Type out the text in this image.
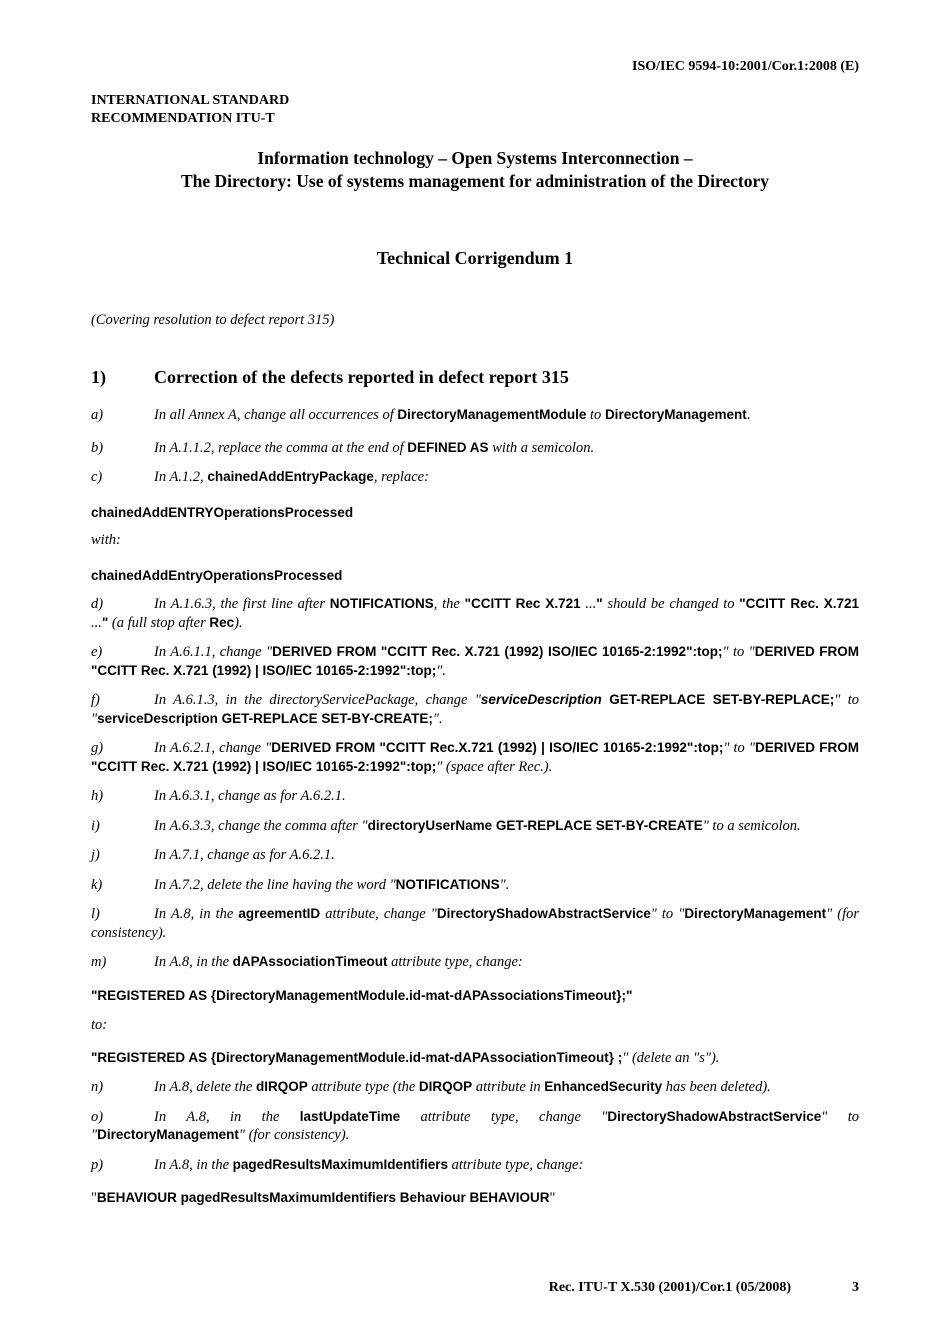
ISO/IEC 9594-10:2001/Cor.1:2008 (E)
INTERNATIONAL STANDARD
RECOMMENDATION ITU-T
Information technology – Open Systems Interconnection –
The Directory: Use of systems management for administration of the Directory
Technical Corrigendum 1
(Covering resolution to defect report 315)
1)	Correction of the defects reported in defect report 315
a)	In all Annex A, change all occurrences of DirectoryManagementModule to DirectoryManagement.
b)	In A.1.1.2, replace the comma at the end of DEFINED AS with a semicolon.
c)	In A.1.2, chainedAddEntryPackage, replace:
chainedAddENTRYOperationsProcessed
with:
chainedAddEntryOperationsProcessed
d)	In A.1.6.3, the first line after NOTIFICATIONS, the "CCITT Rec X.721 ..." should be changed to "CCITT Rec. X.721 ..." (a full stop after Rec).
e)	In A.6.1.1, change "DERIVED FROM "CCITT Rec. X.721 (1992) ISO/IEC 10165-2:1992":top;" to "DERIVED FROM "CCITT Rec. X.721 (1992) | ISO/IEC 10165-2:1992":top;".
f)	In A.6.1.3, in the directoryServicePackage, change "serviceDescription GET-REPLACE SET-BY-REPLACE;" to "serviceDescription GET-REPLACE SET-BY-CREATE;".
g)	In A.6.2.1, change "DERIVED FROM "CCITT Rec.X.721 (1992) | ISO/IEC 10165-2:1992":top;" to "DERIVED FROM "CCITT Rec. X.721 (1992) | ISO/IEC 10165-2:1992":top;" (space after Rec.).
h)	In A.6.3.1, change as for A.6.2.1.
i)	In A.6.3.3, change the comma after "directoryUserName GET-REPLACE SET-BY-CREATE" to a semicolon.
j)	In A.7.1, change as for A.6.2.1.
k)	In A.7.2, delete the line having the word "NOTIFICATIONS".
l)	In A.8, in the agreementID attribute, change "DirectoryShadowAbstractService" to "DirectoryManagement" (for consistency).
m)	In A.8, in the dAPAssociationTimeout attribute type, change:
"REGISTERED AS {DirectoryManagementModule.id-mat-dAPAssociationsTimeout};"
to:
"REGISTERED AS {DirectoryManagementModule.id-mat-dAPAssociationTimeout} ;" (delete an "s").
n)	In A.8, delete the dIRQOP attribute type (the DIRQOP attribute in EnhancedSecurity has been deleted).
o)	In A.8, in the lastUpdateTime attribute type, change "DirectoryShadowAbstractService" to "DirectoryManagement" (for consistency).
p)	In A.8, in the pagedResultsMaximumIdentifiers attribute type, change:
"BEHAVIOUR pagedResultsMaximumIdentifiers Behaviour BEHAVIOUR"
Rec. ITU-T X.530 (2001)/Cor.1 (05/2008)	3
